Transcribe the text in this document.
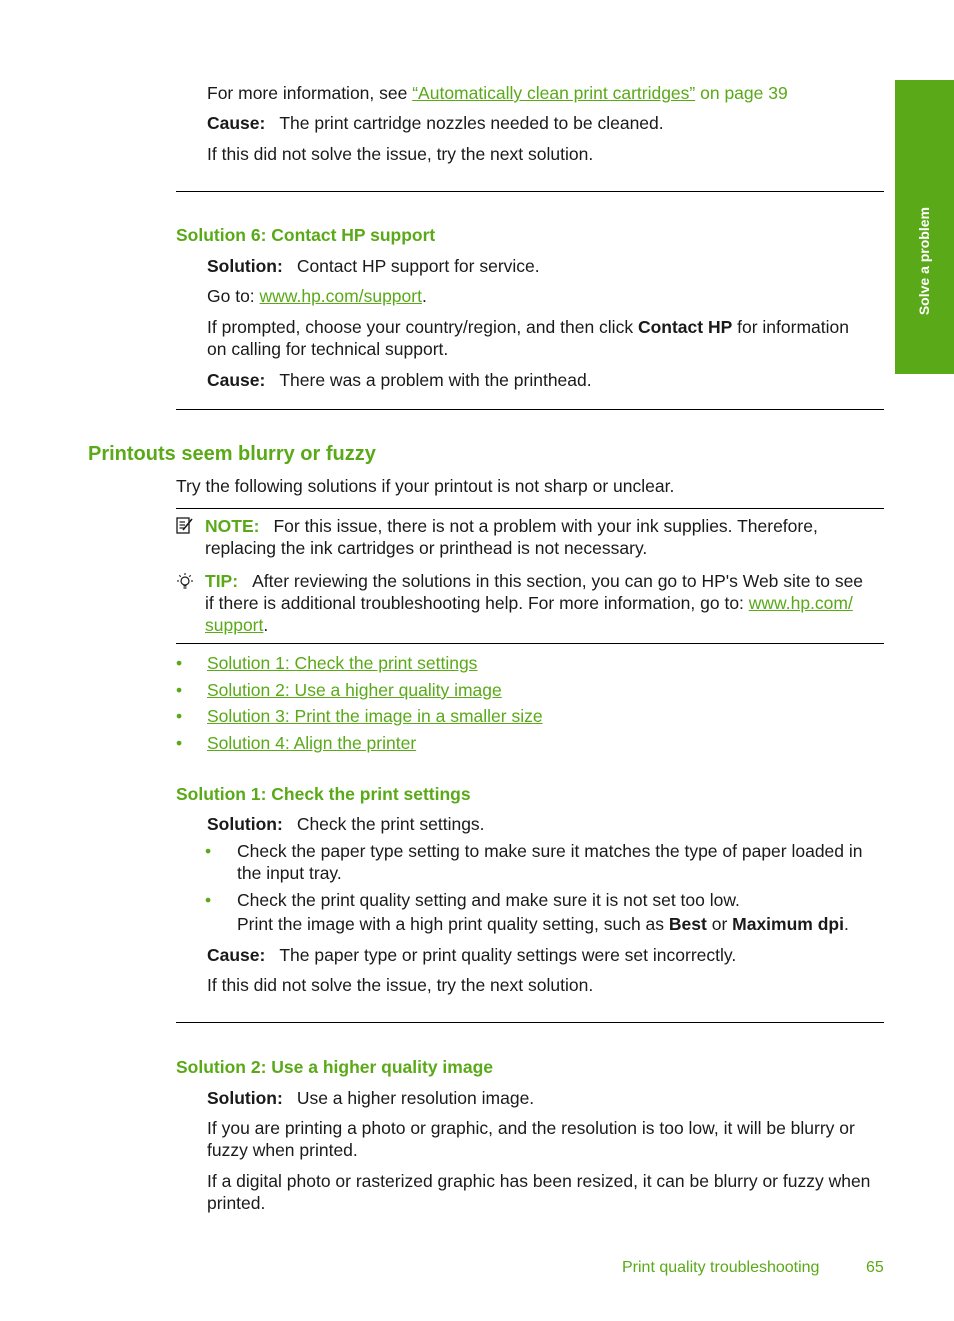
Solve a problem
For more information, see “Automatically clean print cartridges” on page 39
Cause: The print cartridge nozzles needed to be cleaned.
If this did not solve the issue, try the next solution.
Solution 6: Contact HP support
Solution: Contact HP support for service.
Go to: www.hp.com/support.
If prompted, choose your country/region, and then click Contact HP for information
on calling for technical support.
Cause: There was a problem with the printhead.
Printouts seem blurry or fuzzy
Try the following solutions if your printout is not sharp or unclear.
NOTE: For this issue, there is not a problem with your ink supplies. Therefore,
replacing the ink cartridges or printhead is not necessary.
TIP: After reviewing the solutions in this section, you can go to HP's Web site to see
if there is additional troubleshooting help. For more information, go to: www.hp.com/
support.
• Solution 1: Check the print settings
• Solution 2: Use a higher quality image
• Solution 3: Print the image in a smaller size
• Solution 4: Align the printer
Solution 1: Check the print settings
Solution: Check the print settings.
• Check the paper type setting to make sure it matches the type of paper loaded in
the input tray.
• Check the print quality setting and make sure it is not set too low.
Print the image with a high print quality setting, such as Best or Maximum dpi.
Cause: The paper type or print quality settings were set incorrectly.
If this did not solve the issue, try the next solution.
Solution 2: Use a higher quality image
Solution: Use a higher resolution image.
If you are printing a photo or graphic, and the resolution is too low, it will be blurry or
fuzzy when printed.
If a digital photo or rasterized graphic has been resized, it can be blurry or fuzzy when
printed.
Print quality troubleshooting	65
